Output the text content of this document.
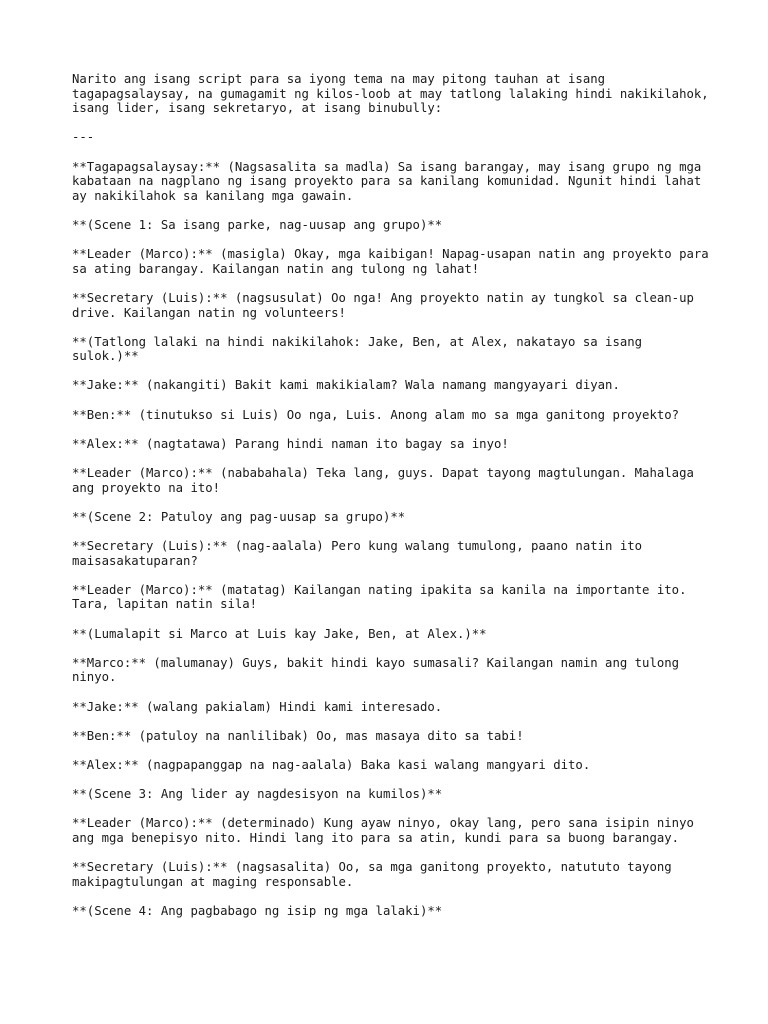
Narito ang isang script para sa iyong tema na may pitong tauhan at isang tagapagsalaysay, na gumagamit ng kilos-loob at may tatlong lalaking hindi nakikilahok, isang lider, isang sekretaryo, at isang binubully:

---

**Tagapagsalaysay:** (Nagsasalita sa madla) Sa isang barangay, may isang grupo ng mga kabataan na nagplano ng isang proyekto para sa kanilang komunidad. Ngunit hindi lahat ay nakikilahok sa kanilang mga gawain.

**(Scene 1: Sa isang parke, nag-uusap ang grupo)**

**Leader (Marco):** (masigla) Okay, mga kaibigan! Napag-usapan natin ang proyekto para sa ating barangay. Kailangan natin ang tulong ng lahat!

**Secretary (Luis):** (nagsusulat) Oo nga! Ang proyekto natin ay tungkol sa clean-up drive. Kailangan natin ng volunteers!

**(Tatlong lalaki na hindi nakikilahok: Jake, Ben, at Alex, nakatayo sa isang sulok.)**

**Jake:** (nakangiti) Bakit kami makikialam? Wala namang mangyayari diyan.

**Ben:** (tinutukso si Luis) Oo nga, Luis. Anong alam mo sa mga ganitong proyekto?

**Alex:** (nagtatawa) Parang hindi naman ito bagay sa inyo!

**Leader (Marco):** (nababahala) Teka lang, guys. Dapat tayong magtulungan. Mahalaga ang proyekto na ito!

**(Scene 2: Patuloy ang pag-uusap sa grupo)**

**Secretary (Luis):** (nag-aalala) Pero kung walang tumulong, paano natin ito maisasakatuparan?

**Leader (Marco):** (matatag) Kailangan nating ipakita sa kanila na importante ito. Tara, lapitan natin sila!

**(Lumalapit si Marco at Luis kay Jake, Ben, at Alex.)**

**Marco:** (malumanay) Guys, bakit hindi kayo sumasali? Kailangan namin ang tulong ninyo.

**Jake:** (walang pakialam) Hindi kami interesado.

**Ben:** (patuloy na nanlilibak) Oo, mas masaya dito sa tabi!

**Alex:** (nagpapanggap na nag-aalala) Baka kasi walang mangyari dito.

**(Scene 3: Ang lider ay nagdesisyon na kumilos)**

**Leader (Marco):** (determinado) Kung ayaw ninyo, okay lang, pero sana isipin ninyo ang mga benepisyo nito. Hindi lang ito para sa atin, kundi para sa buong barangay.

**Secretary (Luis):** (nagsasalita) Oo, sa mga ganitong proyekto, natututo tayong makipagtulungan at maging responsable.

**(Scene 4: Ang pagbabago ng isip ng mga lalaki)**
